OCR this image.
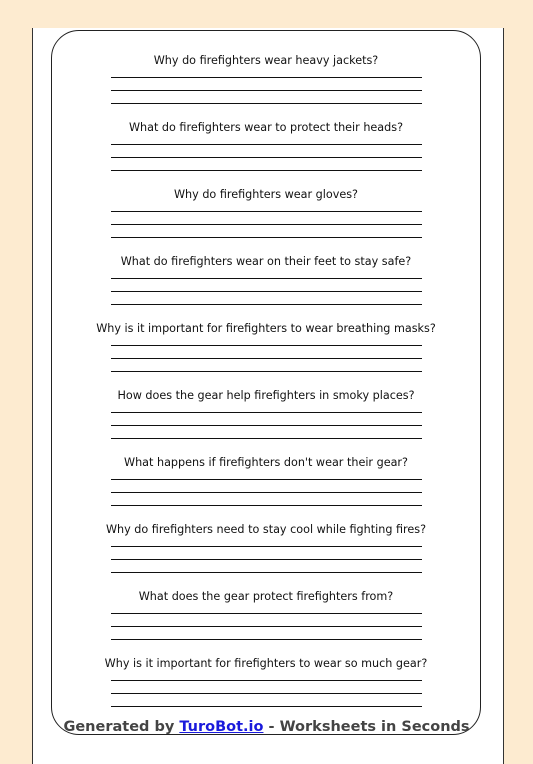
Why do firefighters wear heavy jackets?
What do firefighters wear to protect their heads?
Why do firefighters wear gloves?
What do firefighters wear on their feet to stay safe?
Why is it important for firefighters to wear breathing masks?
How does the gear help firefighters in smoky places?
What happens if firefighters don't wear their gear?
Why do firefighters need to stay cool while fighting fires?
What does the gear protect firefighters from?
Why is it important for firefighters to wear so much gear?
Generated by TuroBot.io - Worksheets in Seconds
